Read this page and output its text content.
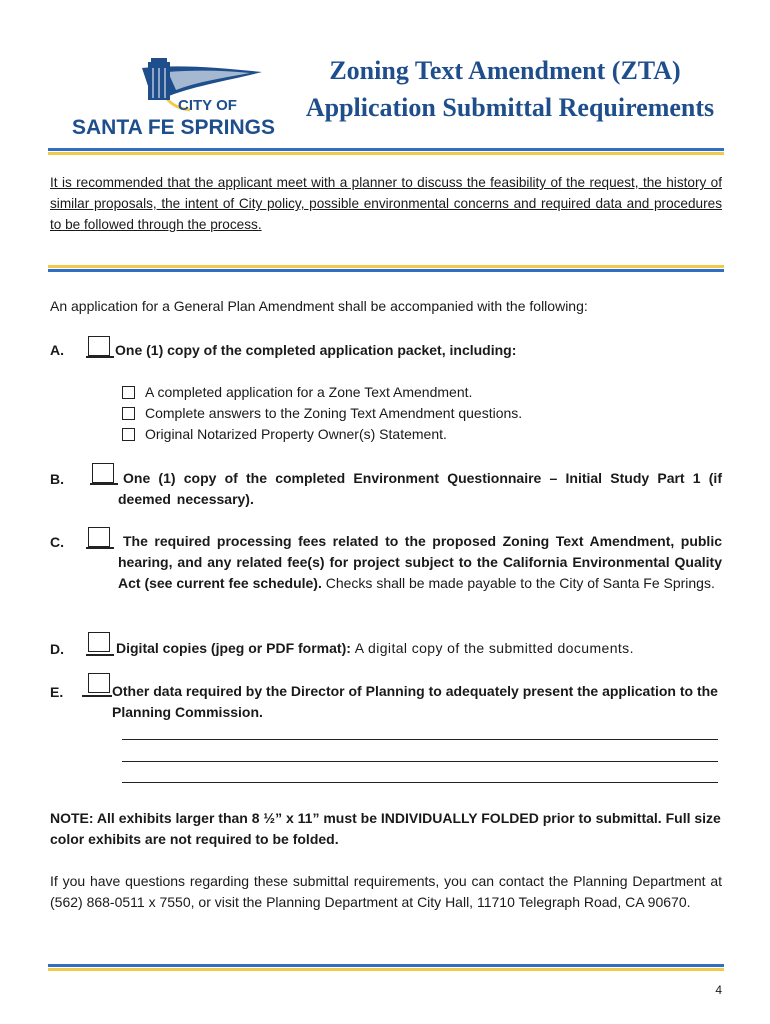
CITY OF
SANTA FE SPRINGS
Zoning Text Amendment (ZTA)
Application Submittal Requirements
It is recommended that the applicant meet with a planner to discuss the feasibility of the request, the history of similar proposals, the intent of City policy, possible environmental concerns and required data and procedures to be followed through the process.
An application for a General Plan Amendment shall be accompanied with the following:
A.	One (1) copy of the completed application packet, including:
A completed application for a Zone Text Amendment.
Complete answers to the Zoning Text Amendment questions.
Original Notarized Property Owner(s) Statement.
B.	One (1) copy of the completed Environment Questionnaire – Initial Study Part 1 (if deemed necessary).
C.	The required processing fees related to the proposed Zoning Text Amendment, public hearing, and any related fee(s) for project subject to the California Environmental Quality Act (see current fee schedule). Checks shall be made payable to the City of Santa Fe Springs.
D.	Digital copies (jpeg or PDF format): A digital copy of the submitted documents.
E.	Other data required by the Director of Planning to adequately present the application to the Planning Commission.
NOTE: All exhibits larger than 8 ½” x 11” must be INDIVIDUALLY FOLDED prior to submittal. Full size color exhibits are not required to be folded.
If you have questions regarding these submittal requirements, you can contact the Planning Department at (562) 868-0511 x 7550, or visit the Planning Department at City Hall, 11710 Telegraph Road, CA 90670.
4
